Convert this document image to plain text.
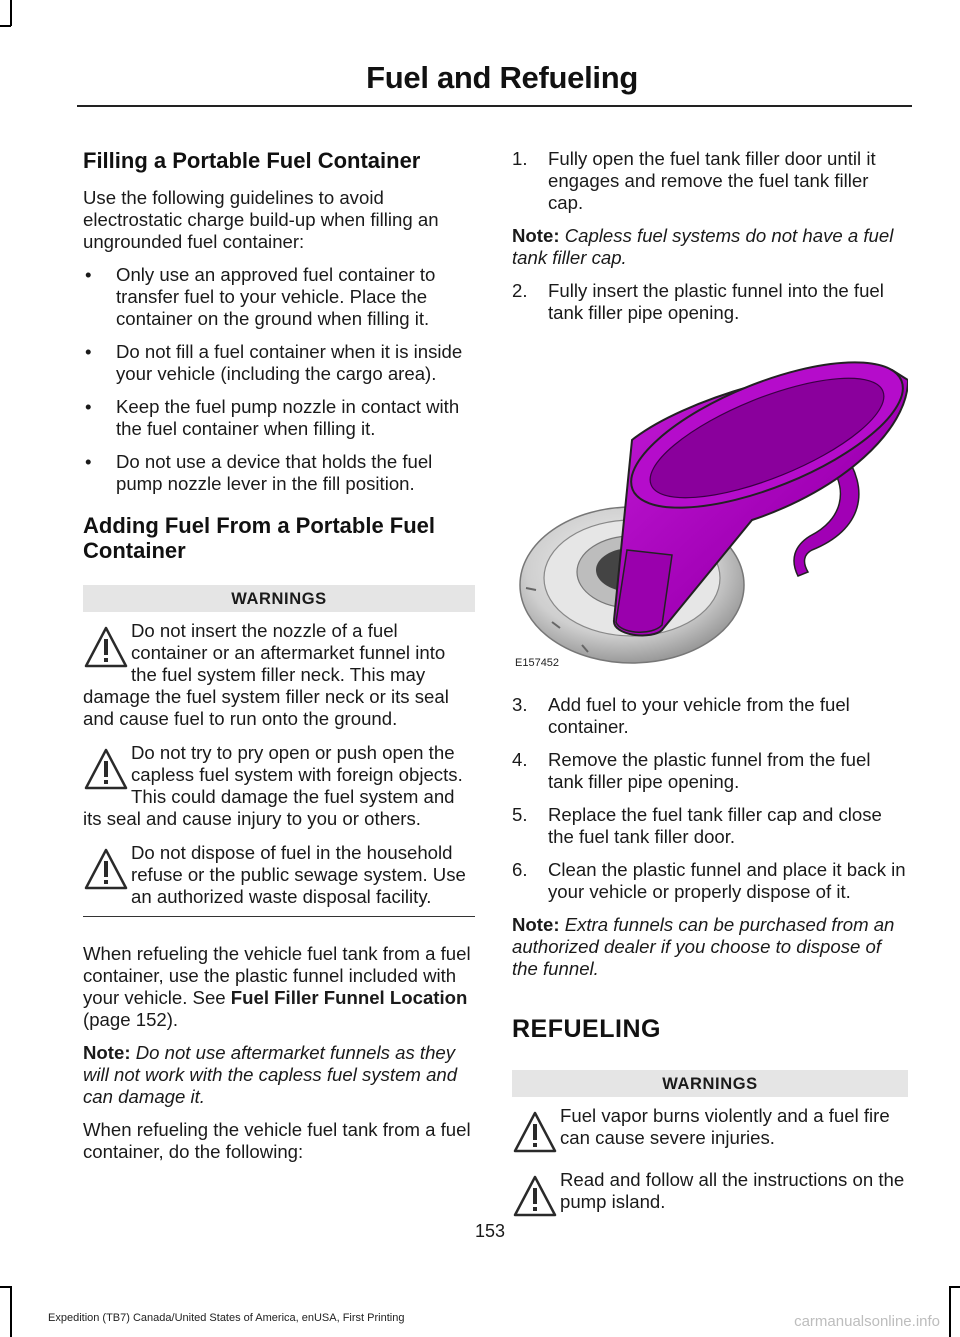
Fuel and Refueling
Filling a Portable Fuel Container

Use the following guidelines to avoid electrostatic charge build-up when filling an ungrounded fuel container:

• Only use an approved fuel container to transfer fuel to your vehicle. Place the container on the ground when filling it.
• Do not fill a fuel container when it is inside your vehicle (including the cargo area).
• Keep the fuel pump nozzle in contact with the fuel container when filling it.
• Do not use a device that holds the fuel pump nozzle lever in the fill position.
Adding Fuel From a Portable Fuel Container
WARNINGS
Do not insert the nozzle of a fuel container or an aftermarket funnel into the fuel system filler neck. This may damage the fuel system filler neck or its seal and cause fuel to run onto the ground.
Do not try to pry open or push open the capless fuel system with foreign objects. This could damage the fuel system and its seal and cause injury to you or others.
Do not dispose of fuel in the household refuse or the public sewage system. Use an authorized waste disposal facility.

When refueling the vehicle fuel tank from a fuel container, use the plastic funnel included with your vehicle. See Fuel Filler Funnel Location (page 152).

Note: Do not use aftermarket funnels as they will not work with the capless fuel system and can damage it.

When refueling the vehicle fuel tank from a fuel container, do the following:

1. Fully open the fuel tank filler door until it engages and remove the fuel tank filler cap.

Note: Capless fuel systems do not have a fuel tank filler cap.

2. Fully insert the plastic funnel into the fuel tank filler pipe opening.
E157452
3. Add fuel to your vehicle from the fuel container.
4. Remove the plastic funnel from the fuel tank filler pipe opening.
5. Replace the fuel tank filler cap and close the fuel tank filler door.
6. Clean the plastic funnel and place it back in your vehicle or properly dispose of it.

Note: Extra funnels can be purchased from an authorized dealer if you choose to dispose of the funnel.

REFUELING
WARNINGS
Fuel vapor burns violently and a fuel fire can cause severe injuries.
Read and follow all the instructions on the pump island.
153
Expedition (TB7) Canada/United States of America, enUSA, First Printing	carmanualsonline.info
